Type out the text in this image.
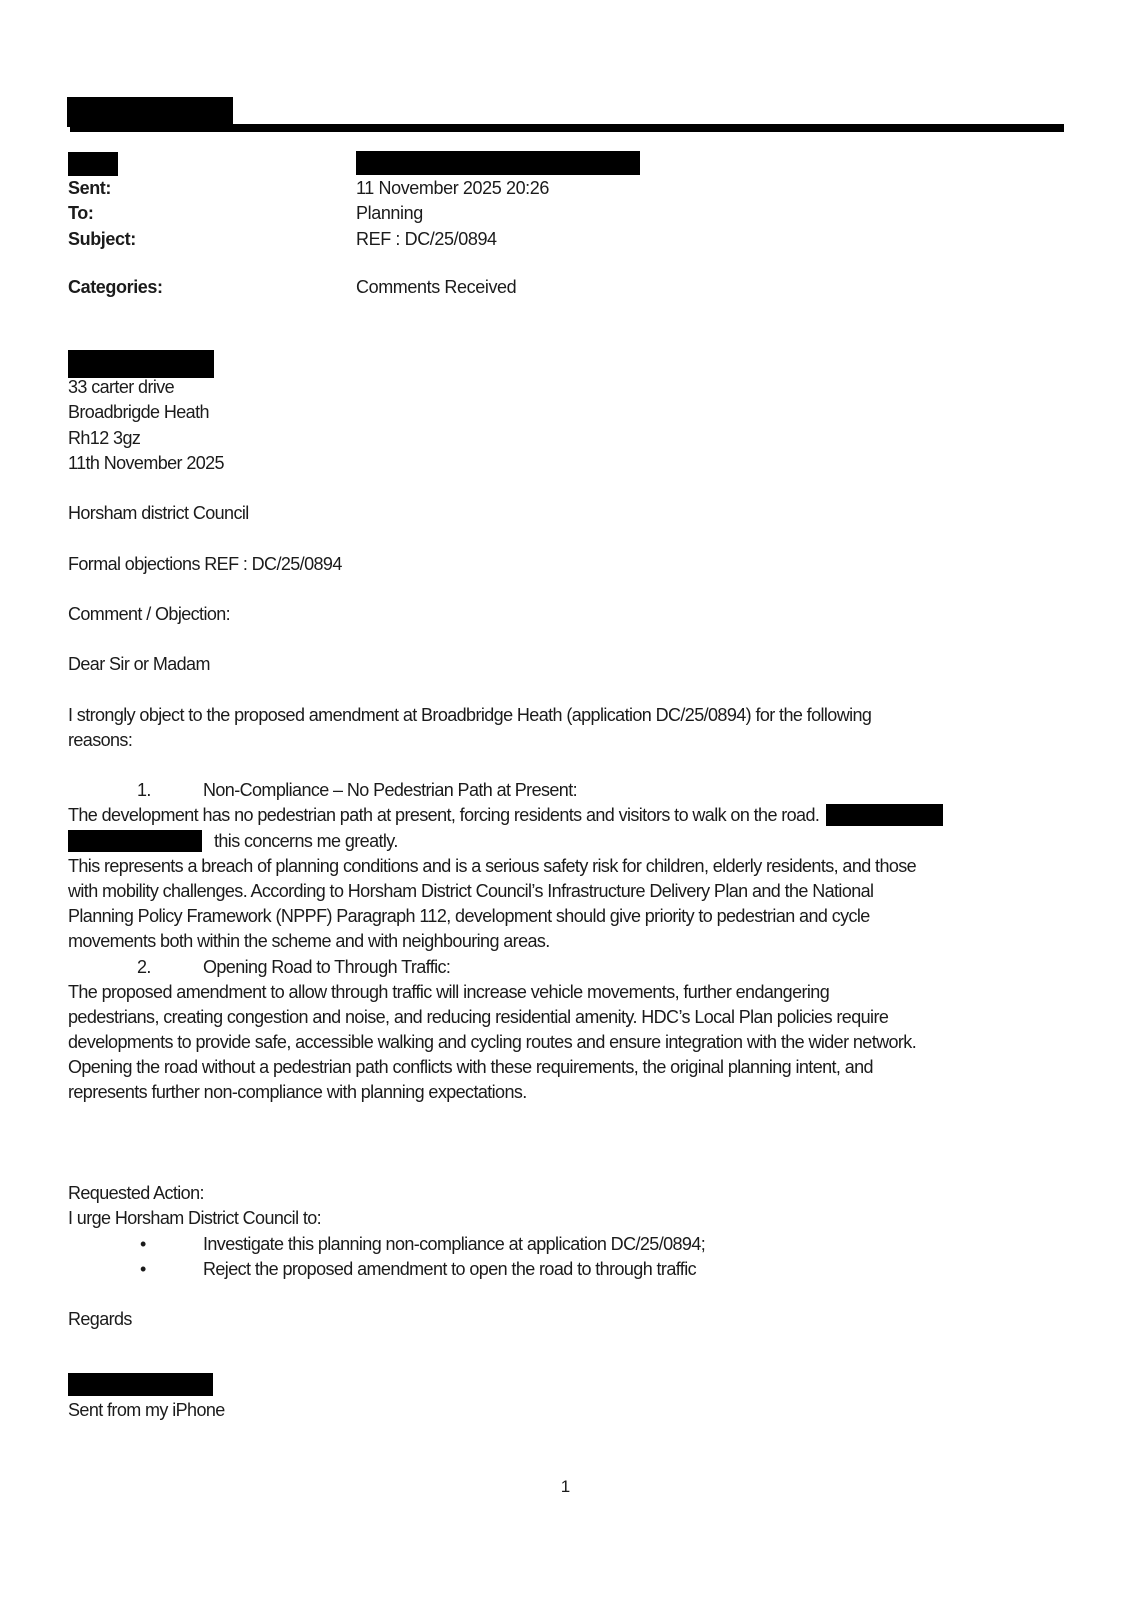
Sent:	11 November 2025 20:26
To:	Planning
Subject:	REF : DC/25/0894
Categories:	Comments Received
33 carter drive
Broadbrigde Heath
Rh12 3gz
11th November 2025
Horsham district Council
Formal objections REF : DC/25/0894
Comment / Objection:
Dear Sir or Madam
I strongly object to the proposed amendment at Broadbridge Heath (application DC/25/0894) for the following
reasons:
1.	Non-Compliance – No Pedestrian Path at Present:
The development has no pedestrian path at present, forcing residents and visitors to walk on the road.
this concerns me greatly.
This represents a breach of planning conditions and is a serious safety risk for children, elderly residents, and those
with mobility challenges. According to Horsham District Council’s Infrastructure Delivery Plan and the National
Planning Policy Framework (NPPF) Paragraph 112, development should give priority to pedestrian and cycle
movements both within the scheme and with neighbouring areas.
2.	Opening Road to Through Traffic:
The proposed amendment to allow through traffic will increase vehicle movements, further endangering
pedestrians, creating congestion and noise, and reducing residential amenity. HDC’s Local Plan policies require
developments to provide safe, accessible walking and cycling routes and ensure integration with the wider network.
Opening the road without a pedestrian path conflicts with these requirements, the original planning intent, and
represents further non-compliance with planning expectations.
Requested Action:
I urge Horsham District Council to:
•	Investigate this planning non-compliance at application DC/25/0894;
•	Reject the proposed amendment to open the road to through traffic
Regards
Sent from my iPhone
1
